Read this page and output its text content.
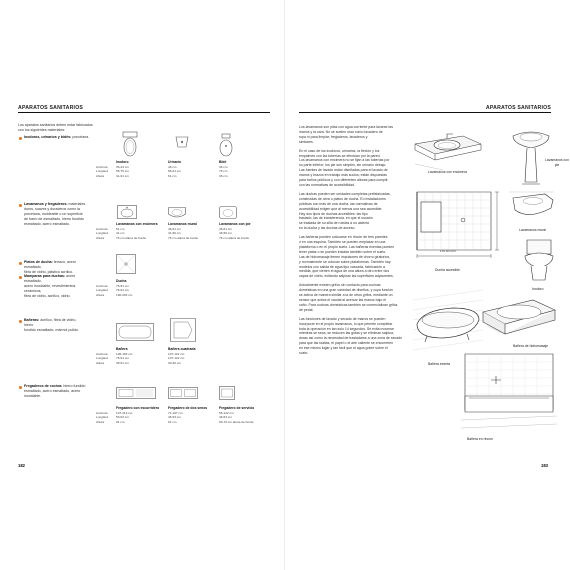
APARATOS SANITARIOS
Los aparatos sanitarios deben estar fabricados
con los siguientes materiales:
Inodoros, urinarios y bidés: porcelana.
Lavamanos y fregaderos: materiales
duros, suaves y duraderos como la
porcelana, moldeable o un superficie
de barro de esmaltado, hierro fundido
esmaltado, acero esmaltado.
Platos de ducha: terrazo, acero esmaltado,
fibra de vidrio, plástico acrílico.
Mamparas para duchas: acero esmaltado,
acero inoxidable, revestimientos cerámicos,
fibra de vidrio, acrílico, vidrio.
Bañeras: acrílico, fibra de vidrio, hierro
fundido esmaltado, mármol pulido.
Fregaderos de cocina: hierro fundido
esmaltado, acero esmaltado, acero
inoxidable.
Anchura
Longitud
Altura
Inodoro
36-43 cm
56-75 cm
41-91 cm
Urinario
46 cm
56-61 cm
61 cm
Bidé
36 cm
76 cm
36 cm
Anchura
Longitud
Altura
Lavamanos con encimera
51 cm
41 cm
76 cm altura de borde
Lavamanos mural
46-61 cm
41-56 cm
76 cm altura de borde
Lavamanos con pie
46-61 cm
46-56 cm
76 cm altura de borde
Anchura
Longitud
Altura
Ducha
76-91 cm
76-91 cm
190-203 cm
Anchura
Longitud
Altura
Bañera
106-183 cm
76-91 cm
36-51 cm
Bañera cuadrada
107-122 cm
107-122 cm
30-40 cm
Anchura
Longitud
Altura
Fregadero con escurridero
107-213 cm
53-63 cm
91 cm
Fregadero de dos senos
71-107 cm
46-53 cm
91 cm
Fregadero de servicio
56-122 cm
46-53 cm
69-79 cm altura de borde
182
APARATOS SANITARIOS
Los lavamanos son pilas con agua corriente para lavarse las
manos y la cara. No se suelen usar como lavadero de
ropa ni para limpiar; fregaderos, lavaderos y
similares.
En el caso de los inodoros, urinarios, la flexión y los
empalmes con las tuberías se efectúan por la pared.
Los lavamanos con encimera no se fijan a las tuberías por
su parte inferior; los pie son simples, sin urinario debajo.
Las fuentes de lavado están diseñadas para el lavado de
manos y brazos en trabajo más sucios; están dispuestas
para baños públicos y con diferentes alturas para cumplir
con las normativas de accesibilidad.
Las duchas pueden ser unidades completas prefabricadas,
construidas de obra o platos de ducha. En instalaciones
públicas con más de una ducha, las normativas de
accesibilidad exigen que al menos una sea accesible.
Hay dos tipos de duchas accesibles: las tipo
traslado, las de transferencia, en que el usuario
se traslada de su silla de ruedas a un asiento
en la ducha y las duchas de acceso.
Las bañeras pueden colocarse en rincón de tres paredes
o en una esquina. También se pueden emplazar en una
plataforma o en el propio suelo. Las bañeras exentas pueden
tener patas o se pueden instalar también sobre el suelo.
Las de hidromasaje tienen impulsores de chorro giratorios,
y normalmente se colocan sobre plataformas. También hay
modelos con salida de agua tipo cascada, fabricación a
medida, que vierten el agua de una altura a otro entre dos
capas de vidrio, evitando salpicar las superficies adyacentes.
Actualmente existen grifos sin contacto para cocinas
domésticas en una gran variedad de diseños, y cuya función
se activa de manera similar a la de otros grifos, mediante un
sensor que activa el caudal al acercar las manos bajo el
caño. Para cocinas domésticas también se comercializan grifos
de pedal.
Las funciones de lavado y secado de manos se pueden
incorporar en el propio lavamanos, lo que permite completar
toda la operación en tan solo 14 segundos. Se evita moverse
mientras se seca, se reducen las gotas y se eliminan salpica-
duras así como la necesidad de trasladarse a una zona de secado
para que las toallas, el papel o el aire caliente se encuentren
en ese mismo lugar y tan fácil que el agua gotee sobre el
suelo.
Lavamanos con encimera
Lavamanos con pie
Lavamanos mural
Inodoro
170 cm mín.
Ducha accesible
Bañera de hidromasaje
Bañera exenta
Bañera en rincón
183
